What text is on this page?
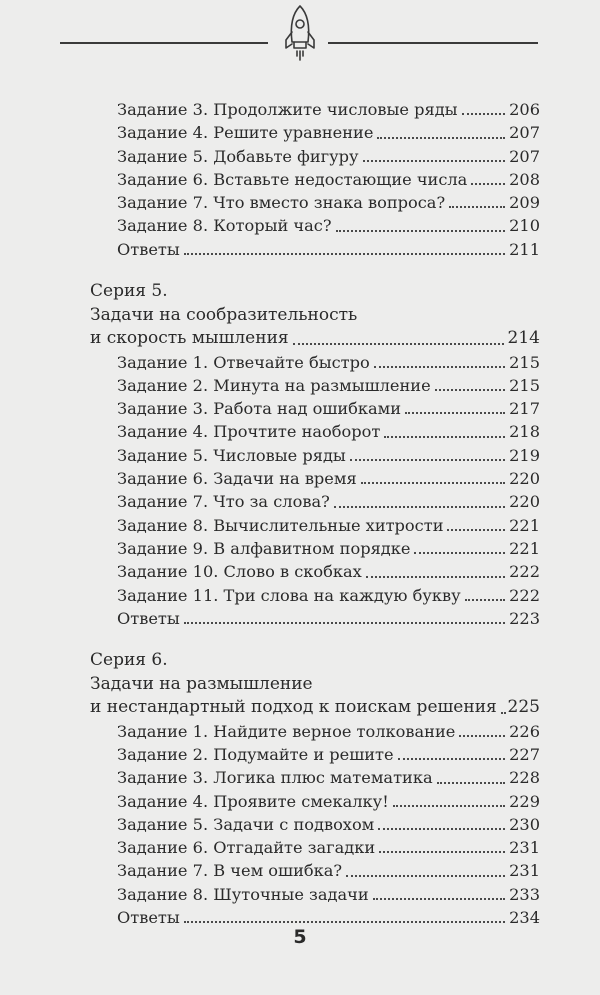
Задание 3. Продолжите числовые ряды	206
Задание 4. Решите уравнение	207
Задание 5. Добавьте фигуру	207
Задание 6. Вставьте недостающие числа	208
Задание 7. Что вместо знака вопроса?	209
Задание 8. Который час?	210
Ответы	211
Серия 5.
Задачи на сообразительность
и скорость мышления	214
Задание 1. Отвечайте быстро	215
Задание 2. Минута на размышление	215
Задание 3. Работа над ошибками	217
Задание 4. Прочтите наоборот	218
Задание 5. Числовые ряды	219
Задание 6. Задачи на время	220
Задание 7. Что за слова?	220
Задание 8. Вычислительные хитрости	221
Задание 9. В алфавитном порядке	221
Задание 10. Слово в скобках	222
Задание 11. Три слова на каждую букву	222
Ответы	223
Серия 6.
Задачи на размышление
и нестандартный подход к поискам решения 225
Задание 1. Найдите верное толкование	226
Задание 2. Подумайте и решите	227
Задание 3. Логика плюс математика	228
Задание 4. Проявите смекалку!	229
Задание 5. Задачи с подвохом	230
Задание 6. Отгадайте загадки	231
Задание 7. В чем ошибка?	231
Задание 8. Шуточные задачи	233
Ответы	234
5
